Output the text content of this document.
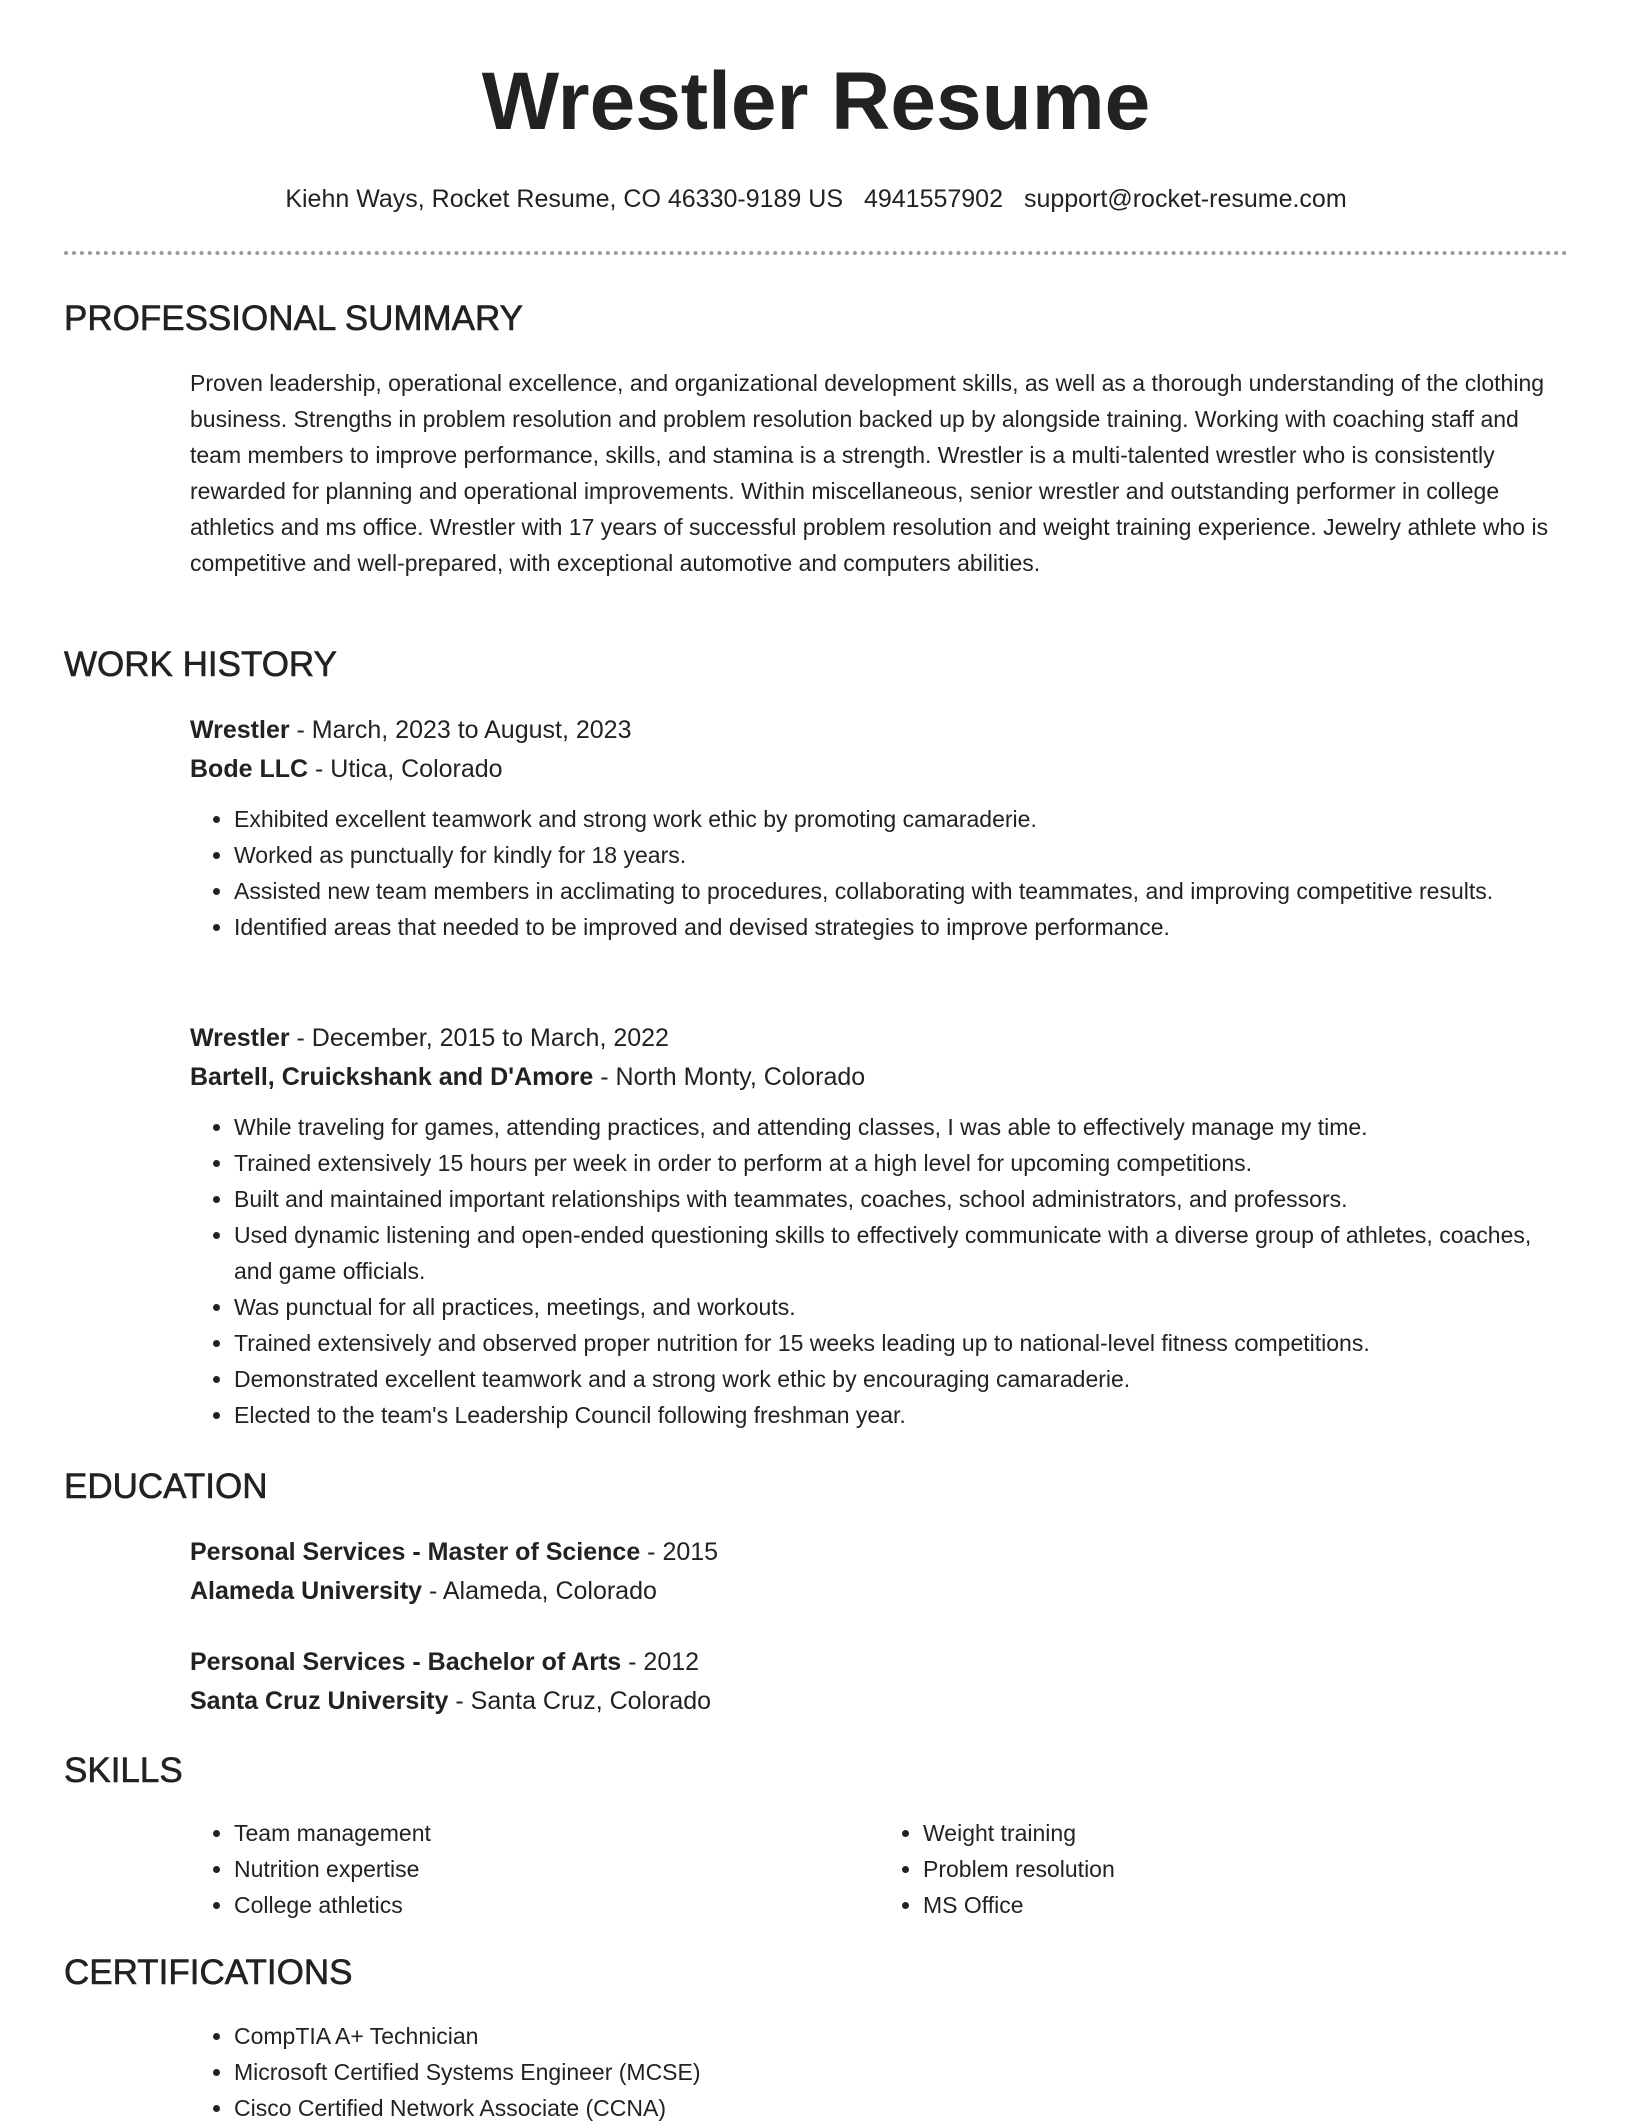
Wrestler Resume
Kiehn Ways, Rocket Resume, CO 46330-9189 US 4941557902 support@rocket-resume.com
PROFESSIONAL SUMMARY

Proven leadership, operational excellence, and organizational development skills, as well as a thorough understanding of the clothing business. Strengths in problem resolution and problem resolution backed up by alongside training. Working with coaching staff and team members to improve performance, skills, and stamina is a strength. Wrestler is a multi-talented wrestler who is consistently rewarded for planning and operational improvements. Within miscellaneous, senior wrestler and outstanding performer in college athletics and ms office. Wrestler with 17 years of successful problem resolution and weight training experience. Jewelry athlete who is competitive and well-prepared, with exceptional automotive and computers abilities.

WORK HISTORY
Wrestler - March, 2023 to August, 2023
Bode LLC - Utica, Colorado
• Exhibited excellent teamwork and strong work ethic by promoting camaraderie.
• Worked as punctually for kindly for 18 years.
• Assisted new team members in acclimating to procedures, collaborating with teammates, and improving competitive results.
• Identified areas that needed to be improved and devised strategies to improve performance.
Wrestler - December, 2015 to March, 2022
Bartell, Cruickshank and D'Amore - North Monty, Colorado
• While traveling for games, attending practices, and attending classes, I was able to effectively manage my time.
• Trained extensively 15 hours per week in order to perform at a high level for upcoming competitions.
• Built and maintained important relationships with teammates, coaches, school administrators, and professors.
• Used dynamic listening and open-ended questioning skills to effectively communicate with a diverse group of athletes, coaches, and game officials.
• Was punctual for all practices, meetings, and workouts.
• Trained extensively and observed proper nutrition for 15 weeks leading up to national-level fitness competitions.
• Demonstrated excellent teamwork and a strong work ethic by encouraging camaraderie.
• Elected to the team's Leadership Council following freshman year.
EDUCATION
Personal Services - Master of Science - 2015
Alameda University - Alameda, Colorado
Personal Services - Bachelor of Arts - 2012
Santa Cruz University - Santa Cruz, Colorado
SKILLS
• Team management
• Nutrition expertise
• College athletics
• Weight training
• Problem resolution
• MS Office
CERTIFICATIONS
• CompTIA A+ Technician
• Microsoft Certified Systems Engineer (MCSE)
• Cisco Certified Network Associate (CCNA)
